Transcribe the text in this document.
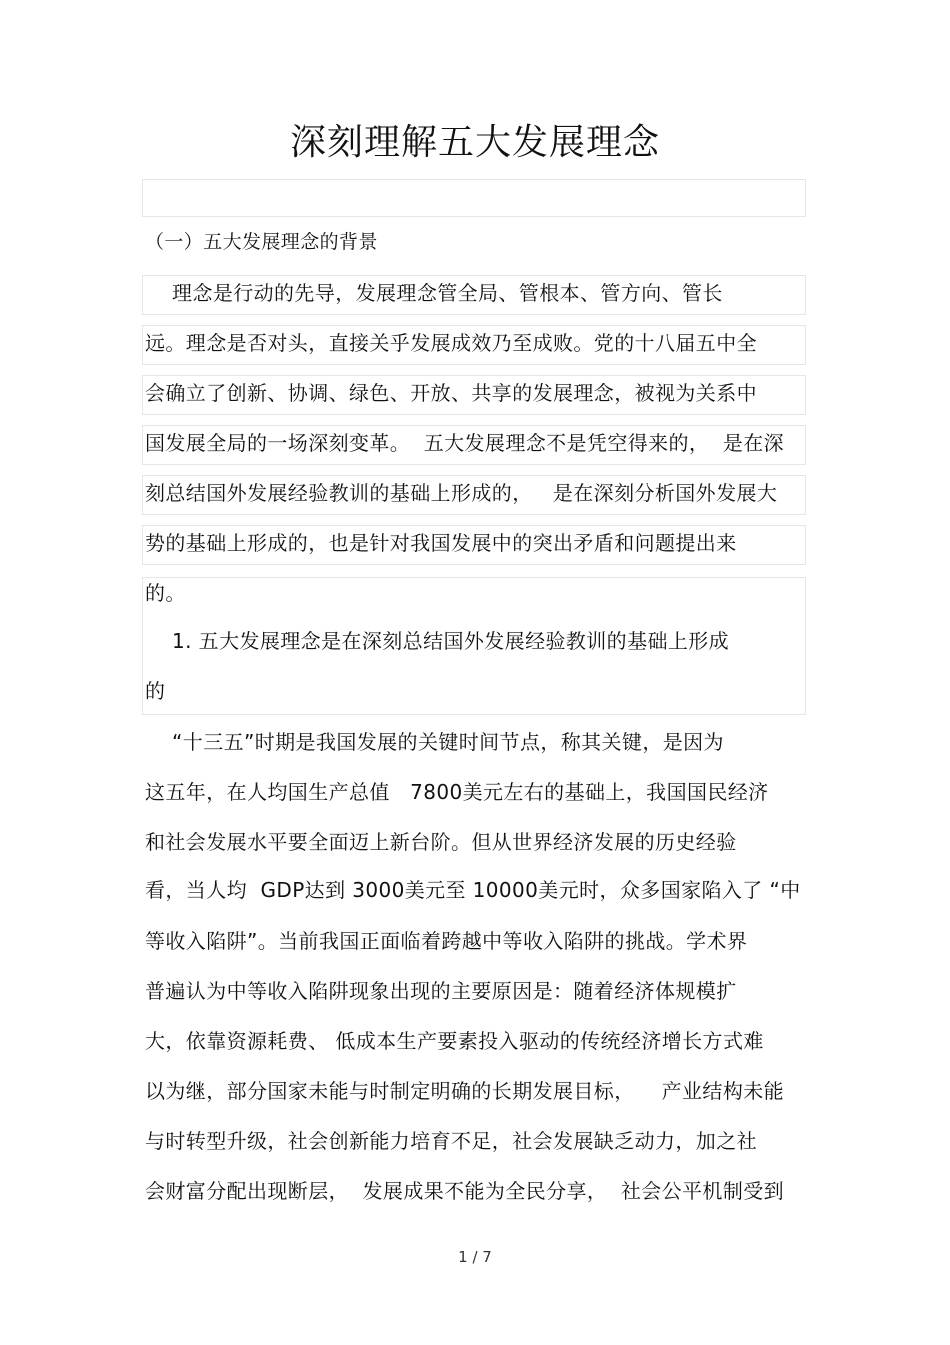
深刻理解五大发展理念
（一）五大发展理念的背景
理念是行动的先导，发展理念管全局、管根本、管方向、管长
远。理念是否对头，直接关乎发展成效乃至成败。党的十八届五中全
会确立了创新、协调、绿色、开放、共享的发展理念，被视为关系中
国发展全局的一场深刻变革。  五大发展理念不是凭空得来的，  是在深
刻总结国外发展经验教训的基础上形成的，   是在深刻分析国外发展大
势的基础上形成的，也是针对我国发展中的突出矛盾和问题提出来
的。
1. 五大发展理念是在深刻总结国外发展经验教训的基础上形成
的
“十三五”时期是我国发展的关键时间节点，称其关键，是因为
这五年，在人均国生产总值   7800美元左右的基础上，我国国民经济
和社会发展水平要全面迈上新台阶。但从世界经济发展的历史经验
看，当人均  GDP达到 3000美元至 10000美元时，众多国家陷入了 “中
等收入陷阱”。当前我国正面临着跨越中等收入陷阱的挑战。学术界
普遍认为中等收入陷阱现象出现的主要原因是：随着经济体规模扩
大，依靠资源耗费、 低成本生产要素投入驱动的传统经济增长方式难
以为继，部分国家未能与时制定明确的长期发展目标，    产业结构未能
与时转型升级，社会创新能力培育不足，社会发展缺乏动力，加之社
会财富分配出现断层，  发展成果不能为全民分享，  社会公平机制受到
1 / 7
